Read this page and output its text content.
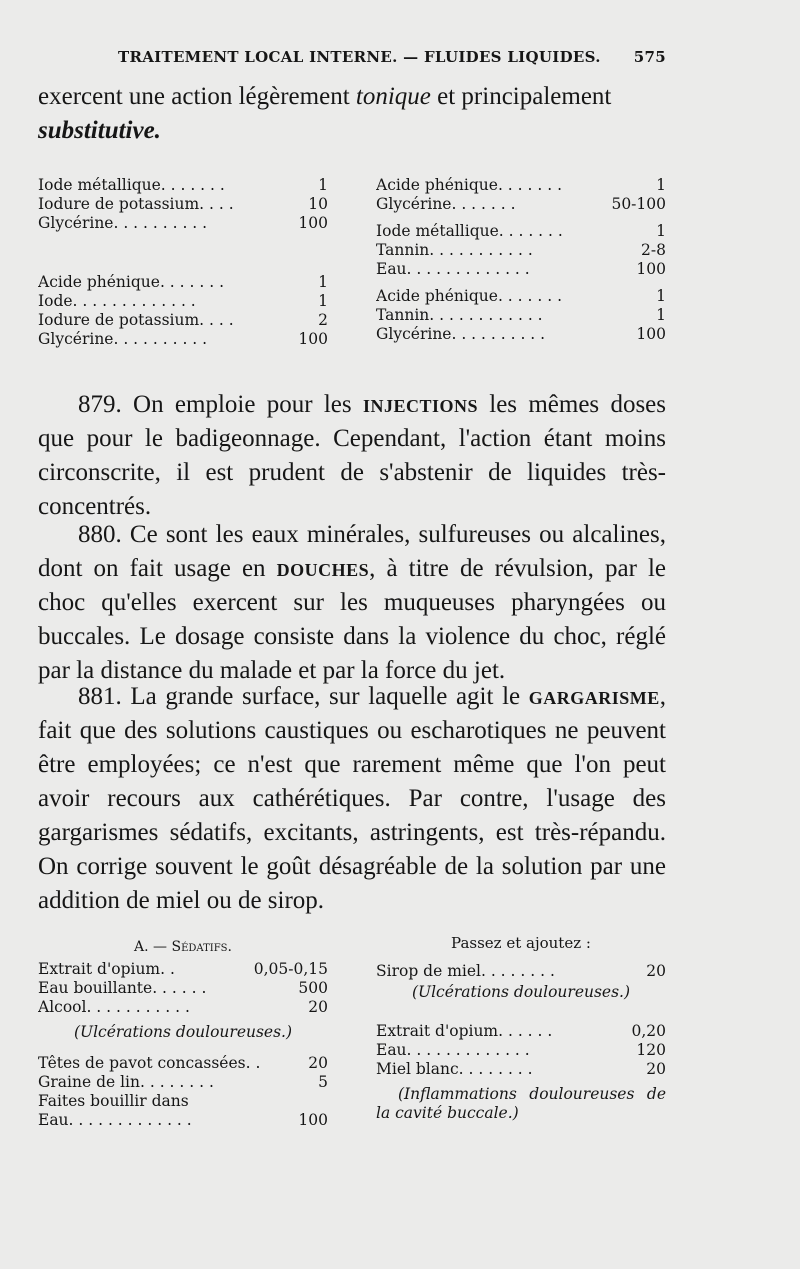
TRAITEMENT LOCAL INTERNE. — FLUIDES LIQUIDES. 575
exercent une action légèrement tonique et principalement
substitutive.
Iode métallique. . . . . . .	1
Iodure de potassium. . . .	10
Glycérine. . . . . . . . . .	100
Acide phénique. . . . . . .	1
Iode. . . . . . . . . . . . .	1
Iodure de potassium. . . .	2
Glycérine. . . . . . . . . .	100
Acide phénique. . . . . . .	1
Glycérine. . . . . . .	50-100
Iode métallique. . . . . . .	1
Tannin. . . . . . . . . . .	2-8
Eau. . . . . . . . . . . . .	100
Acide phénique. . . . . . .	1
Tannin. . . . . . . . . . . .	1
Glycérine. . . . . . . . . .	100
879. On emploie pour les injections les mêmes doses que pour le badigeonnage. Cependant, l'action étant moins circonscrite, il est prudent de s'abstenir de liquides très-concentrés.
880. Ce sont les eaux minérales, sulfureuses ou alcalines, dont on fait usage en douches, à titre de révulsion, par le choc qu'elles exercent sur les muqueuses pharyngées ou buccales. Le dosage consiste dans la violence du choc, réglé par la distance du malade et par la force du jet.
881. La grande surface, sur laquelle agit le gargarisme, fait que des solutions caustiques ou escharotiques ne peuvent être employées; ce n'est que rarement même que l'on peut avoir recours aux cathérétiques. Par contre, l'usage des gargarismes sédatifs, excitants, astringents, est très-répandu. On corrige souvent le goût désagréable de la solution par une addition de miel ou de sirop.
A. — Sédatifs.
Extrait d'opium. .	0,05-0,15
Eau bouillante. . . . . .	500
Alcool. . . . . . . . . . .	20
(Ulcérations douloureuses.)
Têtes de pavot concassées. .	20
Graine de lin. . . . . . . .	5
Faites bouillir dans
Eau. . . . . . . . . . . . .	100
Passez et ajoutez :
Sirop de miel. . . . . . . .	20
(Ulcérations douloureuses.)
Extrait d'opium. . . . . .	0,20
Eau. . . . . . . . . . . . .	120
Miel blanc. . . . . . . .	20
(Inflammations douloureuses de la cavité buccale.)
